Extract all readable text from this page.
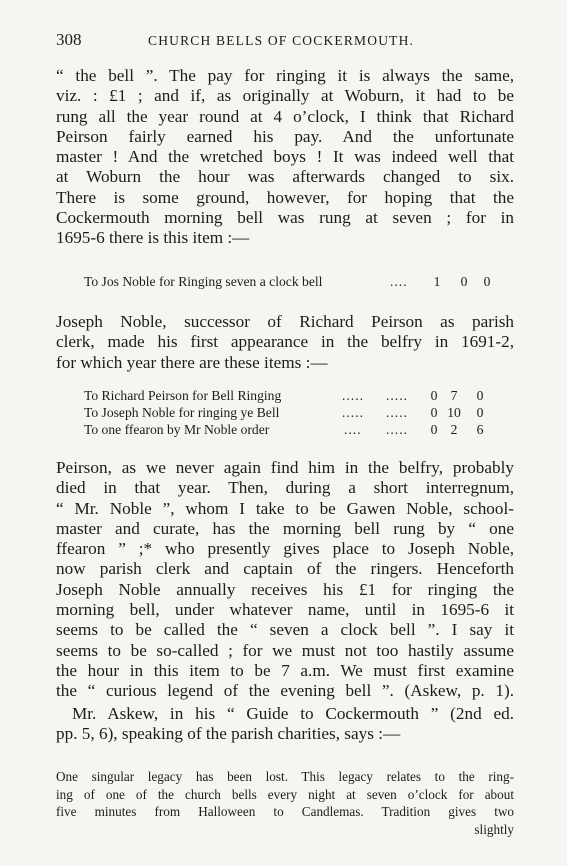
308	CHURCH BELLS OF COCKERMOUTH.
“ the bell ”. The pay for ringing it is always the same,
viz. : £1 ; and if, as originally at Woburn, it had to be
rung all the year round at 4 o’clock, I think that Richard
Peirson fairly earned his pay. And the unfortunate
master ! And the wretched boys ! It was indeed well that
at Woburn the hour was afterwards changed to six.
There is some ground, however, for hoping that the
Cockermouth morning bell was rung at seven ; for in
1695-6 there is this item :—
To Jos Noble for Ringing seven a clock bell	....	1	0	0
Joseph Noble, successor of Richard Peirson as parish
clerk, made his first appearance in the belfry in 1691-2,
for which year there are these items :—
To Richard Peirson for Bell Ringing	..... .....	0 7	0
To Joseph Noble for ringing ye Bell	..... .....	0 10	0
To one ffearon by Mr Noble order	.... .....	0 2	6
Peirson, as we never again find him in the belfry, probably
died in that year. Then, during a short interregnum,
“ Mr. Noble ”, whom I take to be Gawen Noble, school-
master and curate, has the morning bell rung by “ one
ffearon ” ;* who presently gives place to Joseph Noble,
now parish clerk and captain of the ringers. Henceforth
Joseph Noble annually receives his £1 for ringing the
morning bell, under whatever name, until in 1695-6 it
seems to be called the “ seven a clock bell ”. I say it
seems to be so-called ; for we must not too hastily assume
the hour in this item to be 7 a.m. We must first examine
the “ curious legend of the evening bell ”. (Askew, p. 1).
Mr. Askew, in his “ Guide to Cockermouth ” (2nd ed.
pp. 5, 6), speaking of the parish charities, says :—
One singular legacy has been lost. This legacy relates to the ring-
ing of one of the church bells every night at seven o’clock for about
five minutes from Halloween to Candlemas. Tradition gives two
slightly
